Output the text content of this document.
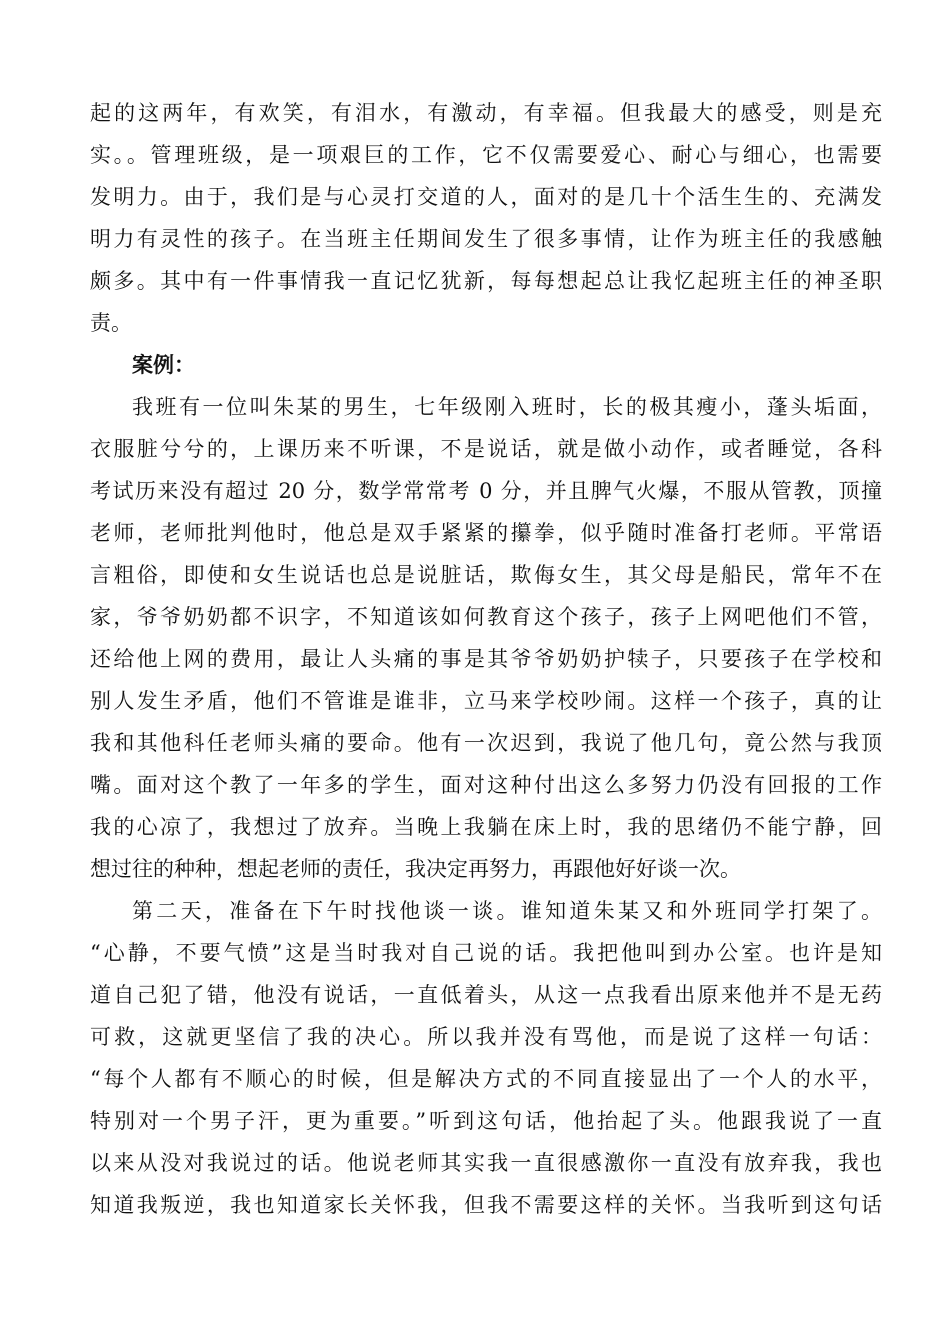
起的这两年，有欢笑，有泪水，有激动，有幸福。但我最大的感受，则是充
实。。管理班级，是一项艰巨的工作，它不仅需要爱心、耐心与细心，也需要
发明力。由于，我们是与心灵打交道的人，面对的是几十个活生生的、充满发
明力有灵性的孩子。在当班主任期间发生了很多事情，让作为班主任的我感触
颇多。其中有一件事情我一直记忆犹新，每每想起总让我忆起班主任的神圣职
责。
案例：
我班有一位叫朱某的男生，七年级刚入班时，长的极其瘦小，蓬头垢面，
衣服脏兮兮的，上课历来不听课，不是说话，就是做小动作，或者睡觉，各科
考试历来没有超过 20 分，数学常常考 0 分，并且脾气火爆，不服从管教，顶撞
老师，老师批判他时，他总是双手紧紧的攥拳，似乎随时准备打老师。平常语
言粗俗，即使和女生说话也总是说脏话，欺侮女生，其父母是船民，常年不在
家，爷爷奶奶都不识字，不知道该如何教育这个孩子，孩子上网吧他们不管，
还给他上网的费用，最让人头痛的事是其爷爷奶奶护犊子，只要孩子在学校和
别人发生矛盾，他们不管谁是谁非，立马来学校吵闹。这样一个孩子，真的让
我和其他科任老师头痛的要命。他有一次迟到，我说了他几句，竟公然与我顶
嘴。面对这个教了一年多的学生，面对这种付出这么多努力仍没有回报的工作
我的心凉了，我想过了放弃。当晚上我躺在床上时，我的思绪仍不能宁静，回
想过往的种种，想起老师的责任，我决定再努力，再跟他好好谈一次。
第二天，准备在下午时找他谈一谈。谁知道朱某又和外班同学打架了。
“心静，不要气愤”这是当时我对自己说的话。我把他叫到办公室。也许是知
道自己犯了错，他没有说话，一直低着头，从这一点我看出原来他并不是无药
可救，这就更坚信了我的决心。所以我并没有骂他，而是说了这样一句话：
“每个人都有不顺心的时候，但是解决方式的不同直接显出了一个人的水平，
特别对一个男子汗，更为重要。”听到这句话，他抬起了头。他跟我说了一直
以来从没对我说过的话。他说老师其实我一直很感激你一直没有放弃我，我也
知道我叛逆，我也知道家长关怀我，但我不需要这样的关怀。当我听到这句话
